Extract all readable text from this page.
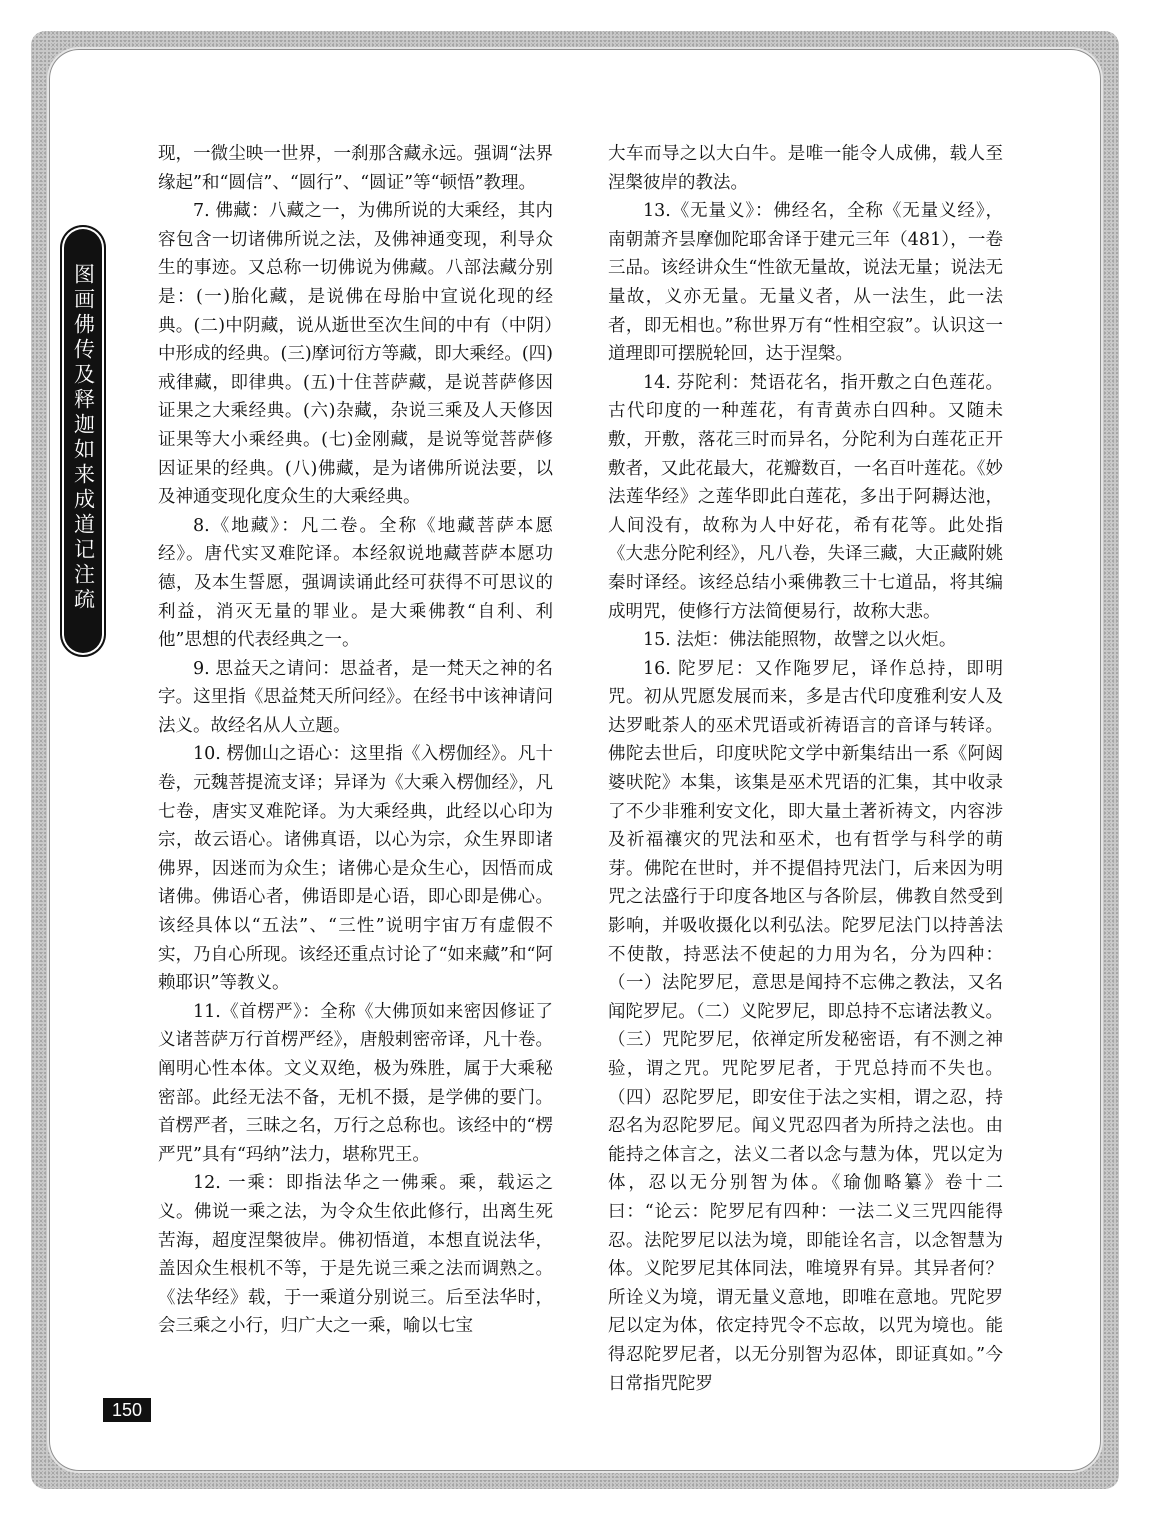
图画佛传及释迦如来成道记注疏

现，一微尘映一世界，一刹那含藏永远。强调“法界缘起”和“圆信”、“圆行”、“圆证”等“顿悟”教理。

7. 佛藏：八藏之一，为佛所说的大乘经，其内容包含一切诸佛所说之法，及佛神通变现，利导众生的事迹。又总称一切佛说为佛藏。八部法藏分别是：(一)胎化藏，是说佛在母胎中宣说化现的经典。(二)中阴藏，说从逝世至次生间的中有（中阴）中形成的经典。(三)摩诃衍方等藏，即大乘经。(四)戒律藏，即律典。(五)十住菩萨藏，是说菩萨修因证果之大乘经典。(六)杂藏，杂说三乘及人天修因证果等大小乘经典。(七)金刚藏，是说等觉菩萨修因证果的经典。(八)佛藏，是为诸佛所说法要，以及神通变现化度众生的大乘经典。

8.《地藏》：凡二卷。全称《地藏菩萨本愿经》。唐代实叉难陀译。本经叙说地藏菩萨本愿功德，及本生誓愿，强调读诵此经可获得不可思议的利益，消灭无量的罪业。是大乘佛教“自利、利他”思想的代表经典之一。

9. 思益天之请问：思益者，是一梵天之神的名字。这里指《思益梵天所问经》。在经书中该神请问法义。故经名从人立题。

10. 楞伽山之语心：这里指《入楞伽经》。凡十卷，元魏菩提流支译；异译为《大乘入楞伽经》，凡七卷，唐实叉难陀译。为大乘经典，此经以心印为宗，故云语心。诸佛真语，以心为宗，众生界即诸佛界，因迷而为众生；诸佛心是众生心，因悟而成诸佛。佛语心者，佛语即是心语，即心即是佛心。该经具体以“五法”、“三性”说明宇宙万有虚假不实，乃自心所现。该经还重点讨论了“如来藏”和“阿赖耶识”等教义。

11.《首楞严》：全称《大佛顶如来密因修证了义诸菩萨万行首楞严经》，唐般剌密帝译，凡十卷。阐明心性本体。文义双绝，极为殊胜，属于大乘秘密部。此经无法不备，无机不摄，是学佛的要门。首楞严者，三昧之名，万行之总称也。该经中的“楞严咒”具有“玛纳”法力，堪称咒王。

12. 一乘：即指法华之一佛乘。乘，载运之义。佛说一乘之法，为令众生依此修行，出离生死苦海，超度涅槃彼岸。佛初悟道，本想直说法华，盖因众生根机不等，于是先说三乘之法而调熟之。《法华经》载，于一乘道分别说三。后至法华时，会三乘之小行，归广大之一乘，喻以七宝

大车而导之以大白牛。是唯一能令人成佛，载人至涅槃彼岸的教法。

13.《无量义》：佛经名，全称《无量义经》，南朝萧齐昙摩伽陀耶舍译于建元三年（481），一卷三品。该经讲众生“性欲无量故，说法无量；说法无量故，义亦无量。无量义者，从一法生，此一法者，即无相也。”称世界万有“性相空寂”。认识这一道理即可摆脱轮回，达于涅槃。

14. 芬陀利：梵语花名，指开敷之白色莲花。古代印度的一种莲花，有青黄赤白四种。又随未敷，开敷，落花三时而异名，分陀利为白莲花正开敷者，又此花最大，花瓣数百，一名百叶莲花。《妙法莲华经》之莲华即此白莲花，多出于阿耨达池，人间没有，故称为人中好花，希有花等。此处指《大悲分陀利经》，凡八卷，失译三藏，大正藏附姚秦时译经。该经总结小乘佛教三十七道品，将其编成明咒，使修行方法简便易行，故称大悲。

15. 法炬：佛法能照物，故譬之以火炬。

16. 陀罗尼：又作陁罗尼，译作总持，即明咒。初从咒愿发展而来，多是古代印度雅利安人及达罗毗荼人的巫术咒语或祈祷语言的音译与转译。佛陀去世后，印度吠陀文学中新集结出一系《阿闼婆吠陀》本集，该集是巫术咒语的汇集，其中收录了不少非雅利安文化，即大量土著祈祷文，内容涉及祈福禳灾的咒法和巫术，也有哲学与科学的萌芽。佛陀在世时，并不提倡持咒法门，后来因为明咒之法盛行于印度各地区与各阶层，佛教自然受到影响，并吸收摄化以利弘法。陀罗尼法门以持善法不使散，持恶法不使起的力用为名，分为四种：（一）法陀罗尼，意思是闻持不忘佛之教法，又名闻陀罗尼。（二）义陀罗尼，即总持不忘诸法教义。（三）咒陀罗尼，依禅定所发秘密语，有不测之神验，谓之咒。咒陀罗尼者，于咒总持而不失也。（四）忍陀罗尼，即安住于法之实相，谓之忍，持忍名为忍陀罗尼。闻义咒忍四者为所持之法也。由能持之体言之，法义二者以念与慧为体，咒以定为体，忍以无分别智为体。《瑜伽略纂》卷十二曰：“论云：陀罗尼有四种：一法二义三咒四能得忍。法陀罗尼以法为境，即能诠名言，以念智慧为体。义陀罗尼其体同法，唯境界有异。其异者何？所诠义为境，谓无量义意地，即唯在意地。咒陀罗尼以定为体，依定持咒令不忘故，以咒为境也。能得忍陀罗尼者，以无分别智为忍体，即证真如。”今日常指咒陀罗

150
